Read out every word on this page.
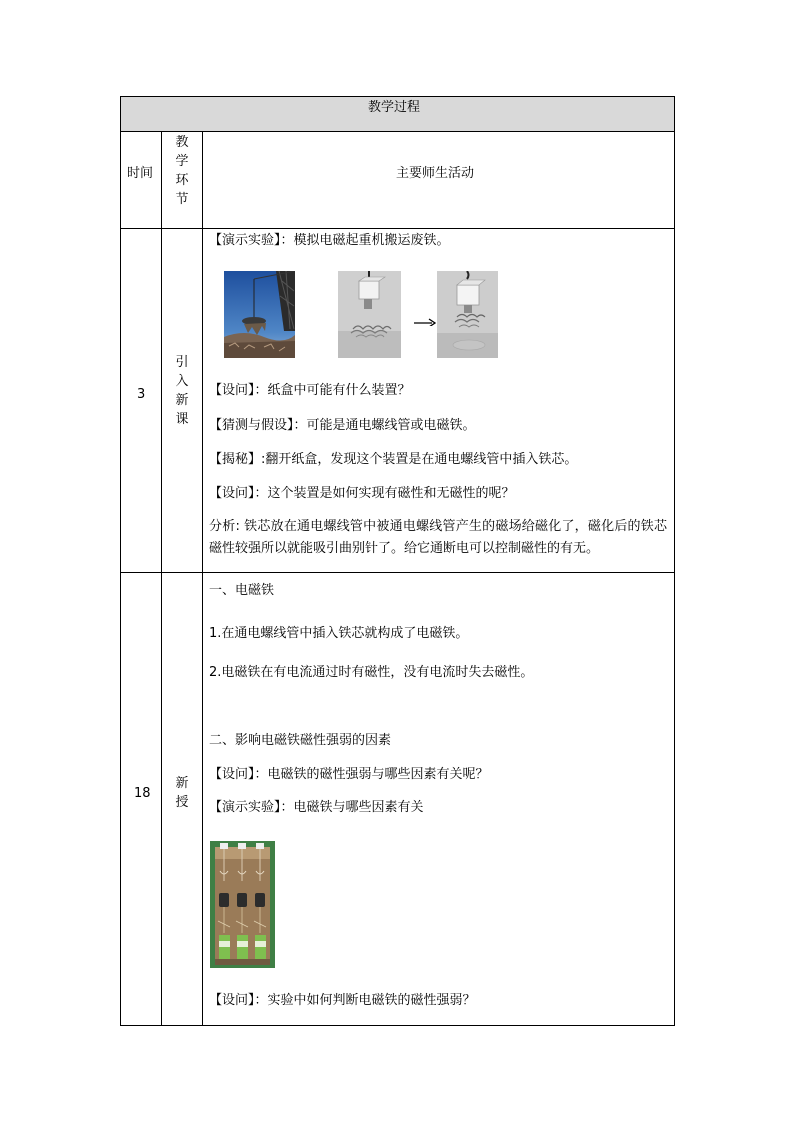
教学过程
时间
教
学
环
节
主要师生活动
3
引
入
新
课
【演示实验】：模拟电磁起重机搬运废铁。
【设问】：纸盒中可能有什么装置？
【猜测与假设】：可能是通电螺线管或电磁铁。
【揭秘】:翻开纸盒，发现这个装置是在通电螺线管中插入铁芯。
【设问】：这个装置是如何实现有磁性和无磁性的呢？
分析: 铁芯放在通电螺线管中被通电螺线管产生的磁场给磁化了，磁化后的铁芯磁性较强所以就能吸引曲别针了。给它通断电可以控制磁性的有无。
18
新
授
一、电磁铁
1.在通电螺线管中插入铁芯就构成了电磁铁。
2.电磁铁在有电流通过时有磁性，没有电流时失去磁性。
二、影响电磁铁磁性强弱的因素
【设问】：电磁铁的磁性强弱与哪些因素有关呢？
【演示实验】：电磁铁与哪些因素有关
【设问】：实验中如何判断电磁铁的磁性强弱？
